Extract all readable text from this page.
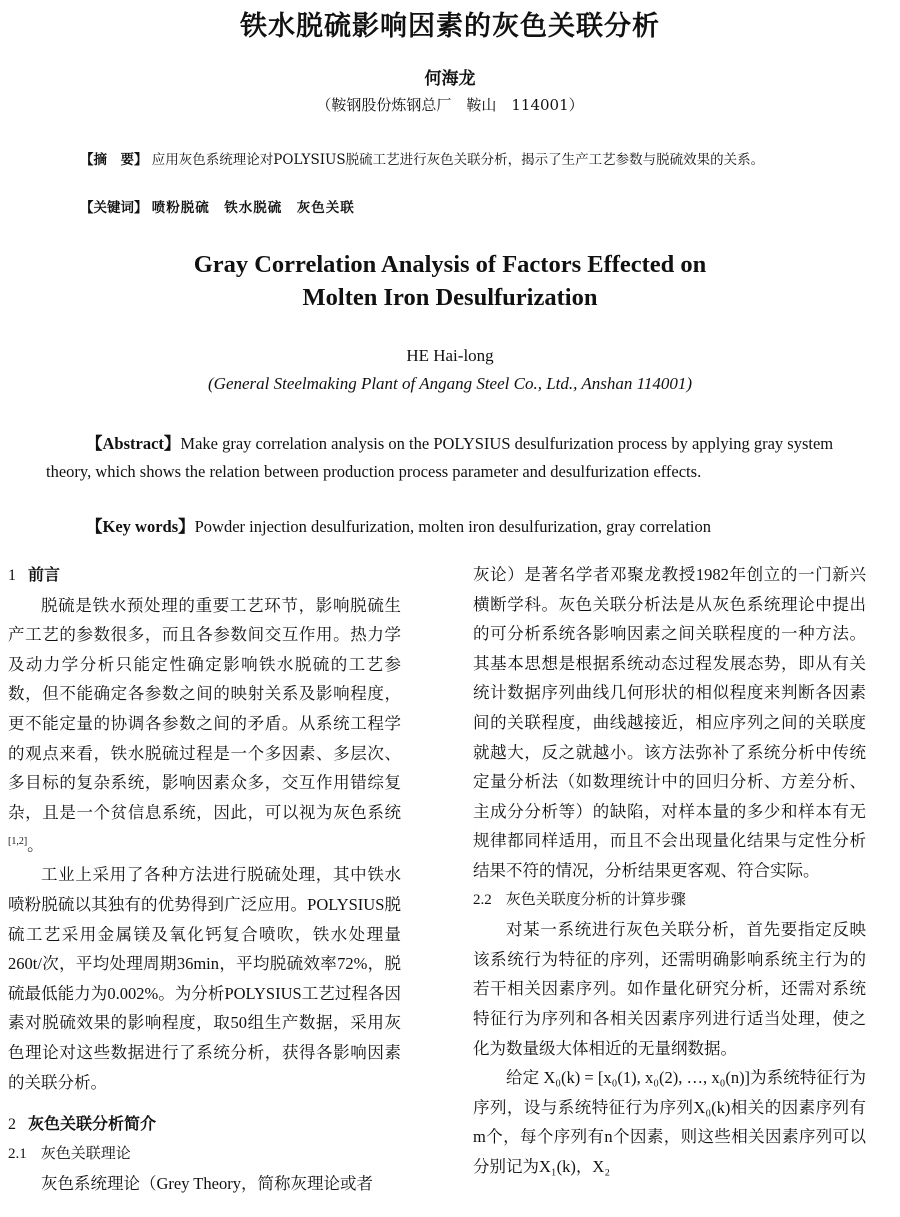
铁水脱硫影响因素的灰色关联分析
何海龙
（鞍钢股份炼钢总厂　鞍山　114001）
【摘　要】 应用灰色系统理论对POLYSIUS脱硫工艺进行灰色关联分析，揭示了生产工艺参数与脱硫效果的关系。
【关键词】 喷粉脱硫　铁水脱硫　灰色关联
Gray Correlation Analysis of Factors Effected on
Molten Iron Desulfurization
HE Hai-long
(General Steelmaking Plant of Angang Steel Co., Ltd., Anshan 114001)
【Abstract】Make gray correlation analysis on the POLYSIUS desulfurization process by applying gray system theory, which shows the relation between production process parameter and desulfurization effects.
【Key words】Powder injection desulfurization, molten iron desulfurization, gray correlation
1 前言

脱硫是铁水预处理的重要工艺环节，影响脱硫生产工艺的参数很多，而且各参数间交互作用。热力学及动力学分析只能定性确定影响铁水脱硫的工艺参数，但不能确定各参数之间的映射关系及影响程度，更不能定量的协调各参数之间的矛盾。从系统工程学的观点来看，铁水脱硫过程是一个多因素、多层次、多目标的复杂系统，影响因素众多，交互作用错综复杂，且是一个贫信息系统，因此，可以视为灰色系统[1,2]。

工业上采用了各种方法进行脱硫处理，其中铁水喷粉脱硫以其独有的优势得到广泛应用。POLYSIUS脱硫工艺采用金属镁及氧化钙复合喷吹，铁水处理量260t/次，平均处理周期36min，平均脱硫效率72%，脱硫最低能力为0.002%。为分析POLYSIUS工艺过程各因素对脱硫效果的影响程度，取50组生产数据，采用灰色理论对这些数据进行了系统分析，获得各影响因素的关联分析。

2 灰色关联分析简介
2.1 灰色关联理论

灰色系统理论（Grey Theory，简称灰理论或者

灰论）是著名学者邓聚龙教授1982年创立的一门新兴横断学科。灰色关联分析法是从灰色系统理论中提出的可分析系统各影响因素之间关联程度的一种方法。其基本思想是根据系统动态过程发展态势，即从有关统计数据序列曲线几何形状的相似程度来判断各因素间的关联程度，曲线越接近，相应序列之间的关联度就越大，反之就越小。该方法弥补了系统分析中传统定量分析法（如数理统计中的回归分析、方差分析、主成分分析等）的缺陷，对样本量的多少和样本有无规律都同样适用，而且不会出现量化结果与定性分析结果不符的情况，分析结果更客观、符合实际。

2.2 灰色关联度分析的计算步骤

对某一系统进行灰色关联分析，首先要指定反映该系统行为特征的序列，还需明确影响系统主行为的若干相关因素序列。如作量化研究分析，还需对系统特征行为序列和各相关因素序列进行适当处理，使之化为数量级大体相近的无量纲数据。

给定 X₀(k) = [x₀(1), x₀(2), …, x₀(n)]为系统特征行为序列，设与系统特征行为序列X₀(k)相关的因素序列有m个，每个序列有n个因素，则这些相关因素序列可以分别记为X₁(k)，X₂
